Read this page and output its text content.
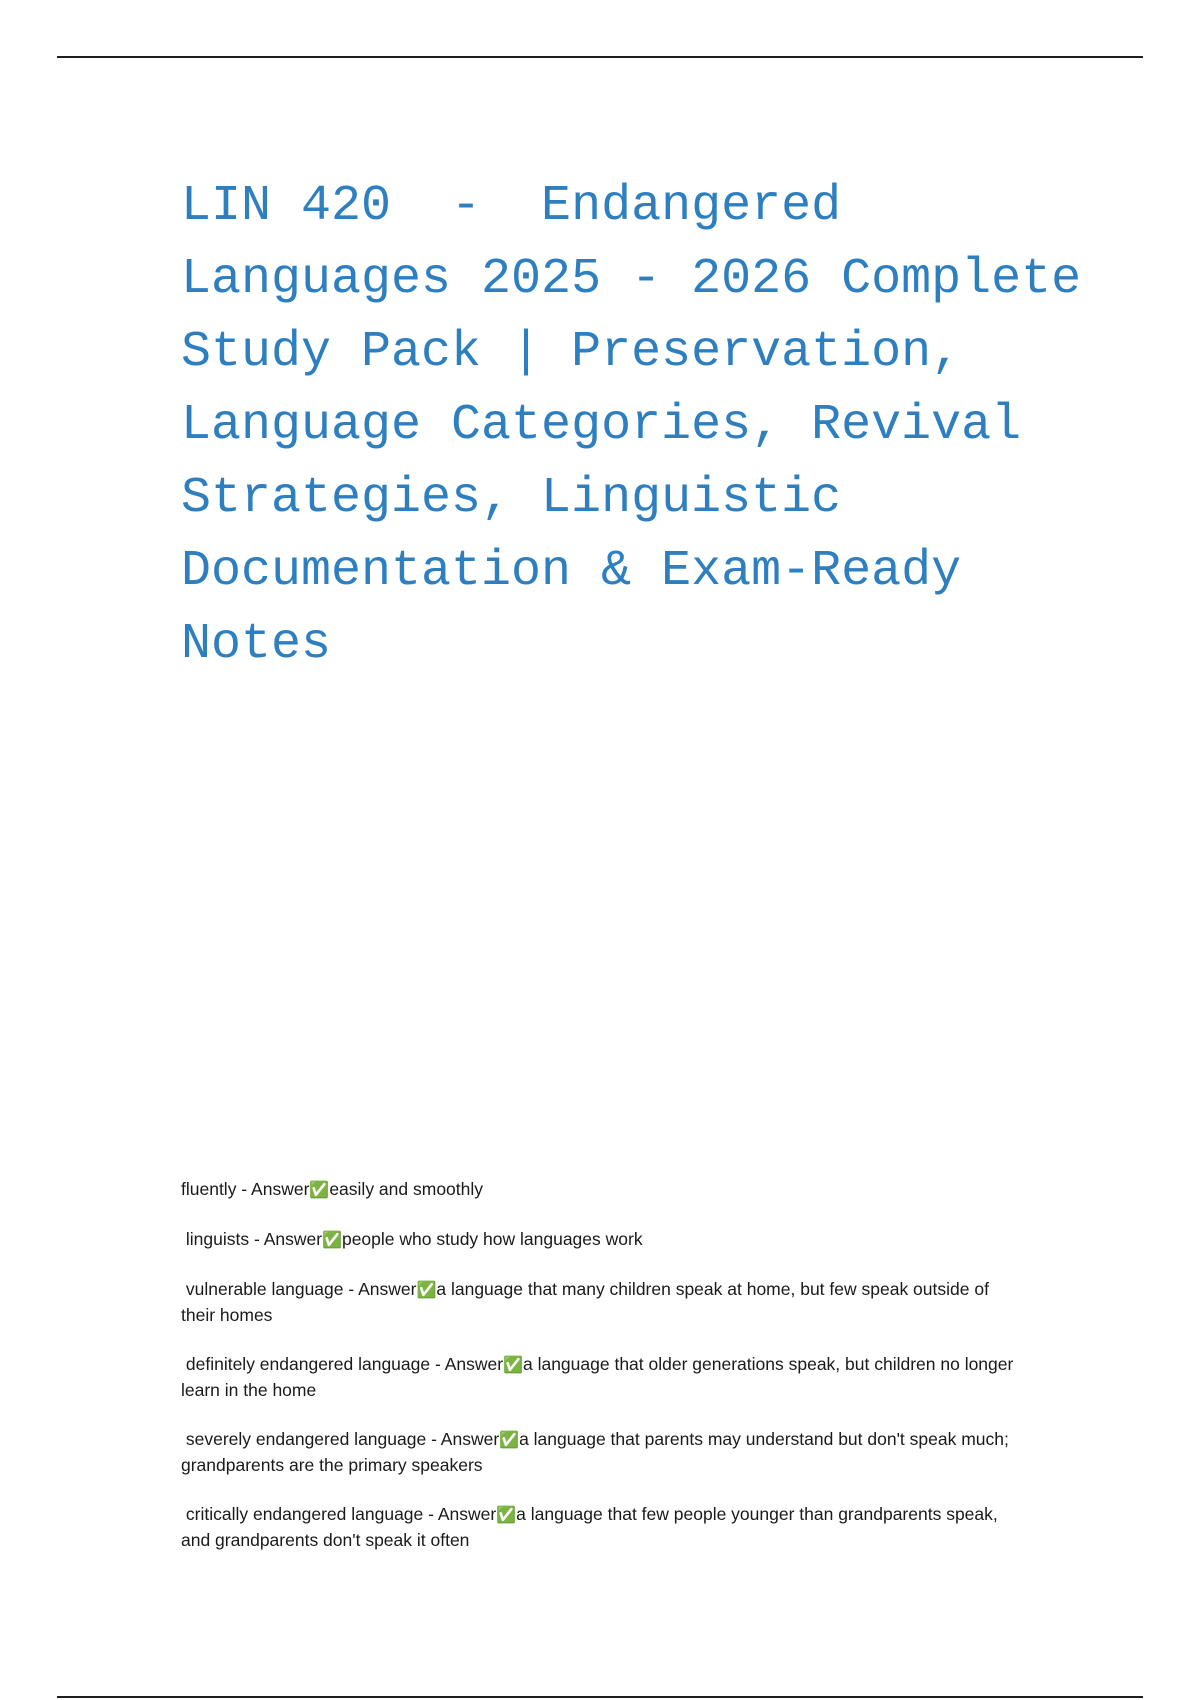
LIN 420  -  Endangered
Languages 2025 - 2026 Complete
Study Pack | Preservation,
Language Categories, Revival
Strategies, Linguistic
Documentation & Exam-Ready
Notes
fluently - Answer✅easily and smoothly
linguists - Answer✅people who study how languages work
vulnerable language - Answer✅a language that many children speak at home, but few speak outside of their homes
definitely endangered language - Answer✅a language that older generations speak, but children no longer learn in the home
severely endangered language - Answer✅a language that parents may understand but don't speak much; grandparents are the primary speakers
critically endangered language - Answer✅a language that few people younger than grandparents speak, and grandparents don't speak it often
